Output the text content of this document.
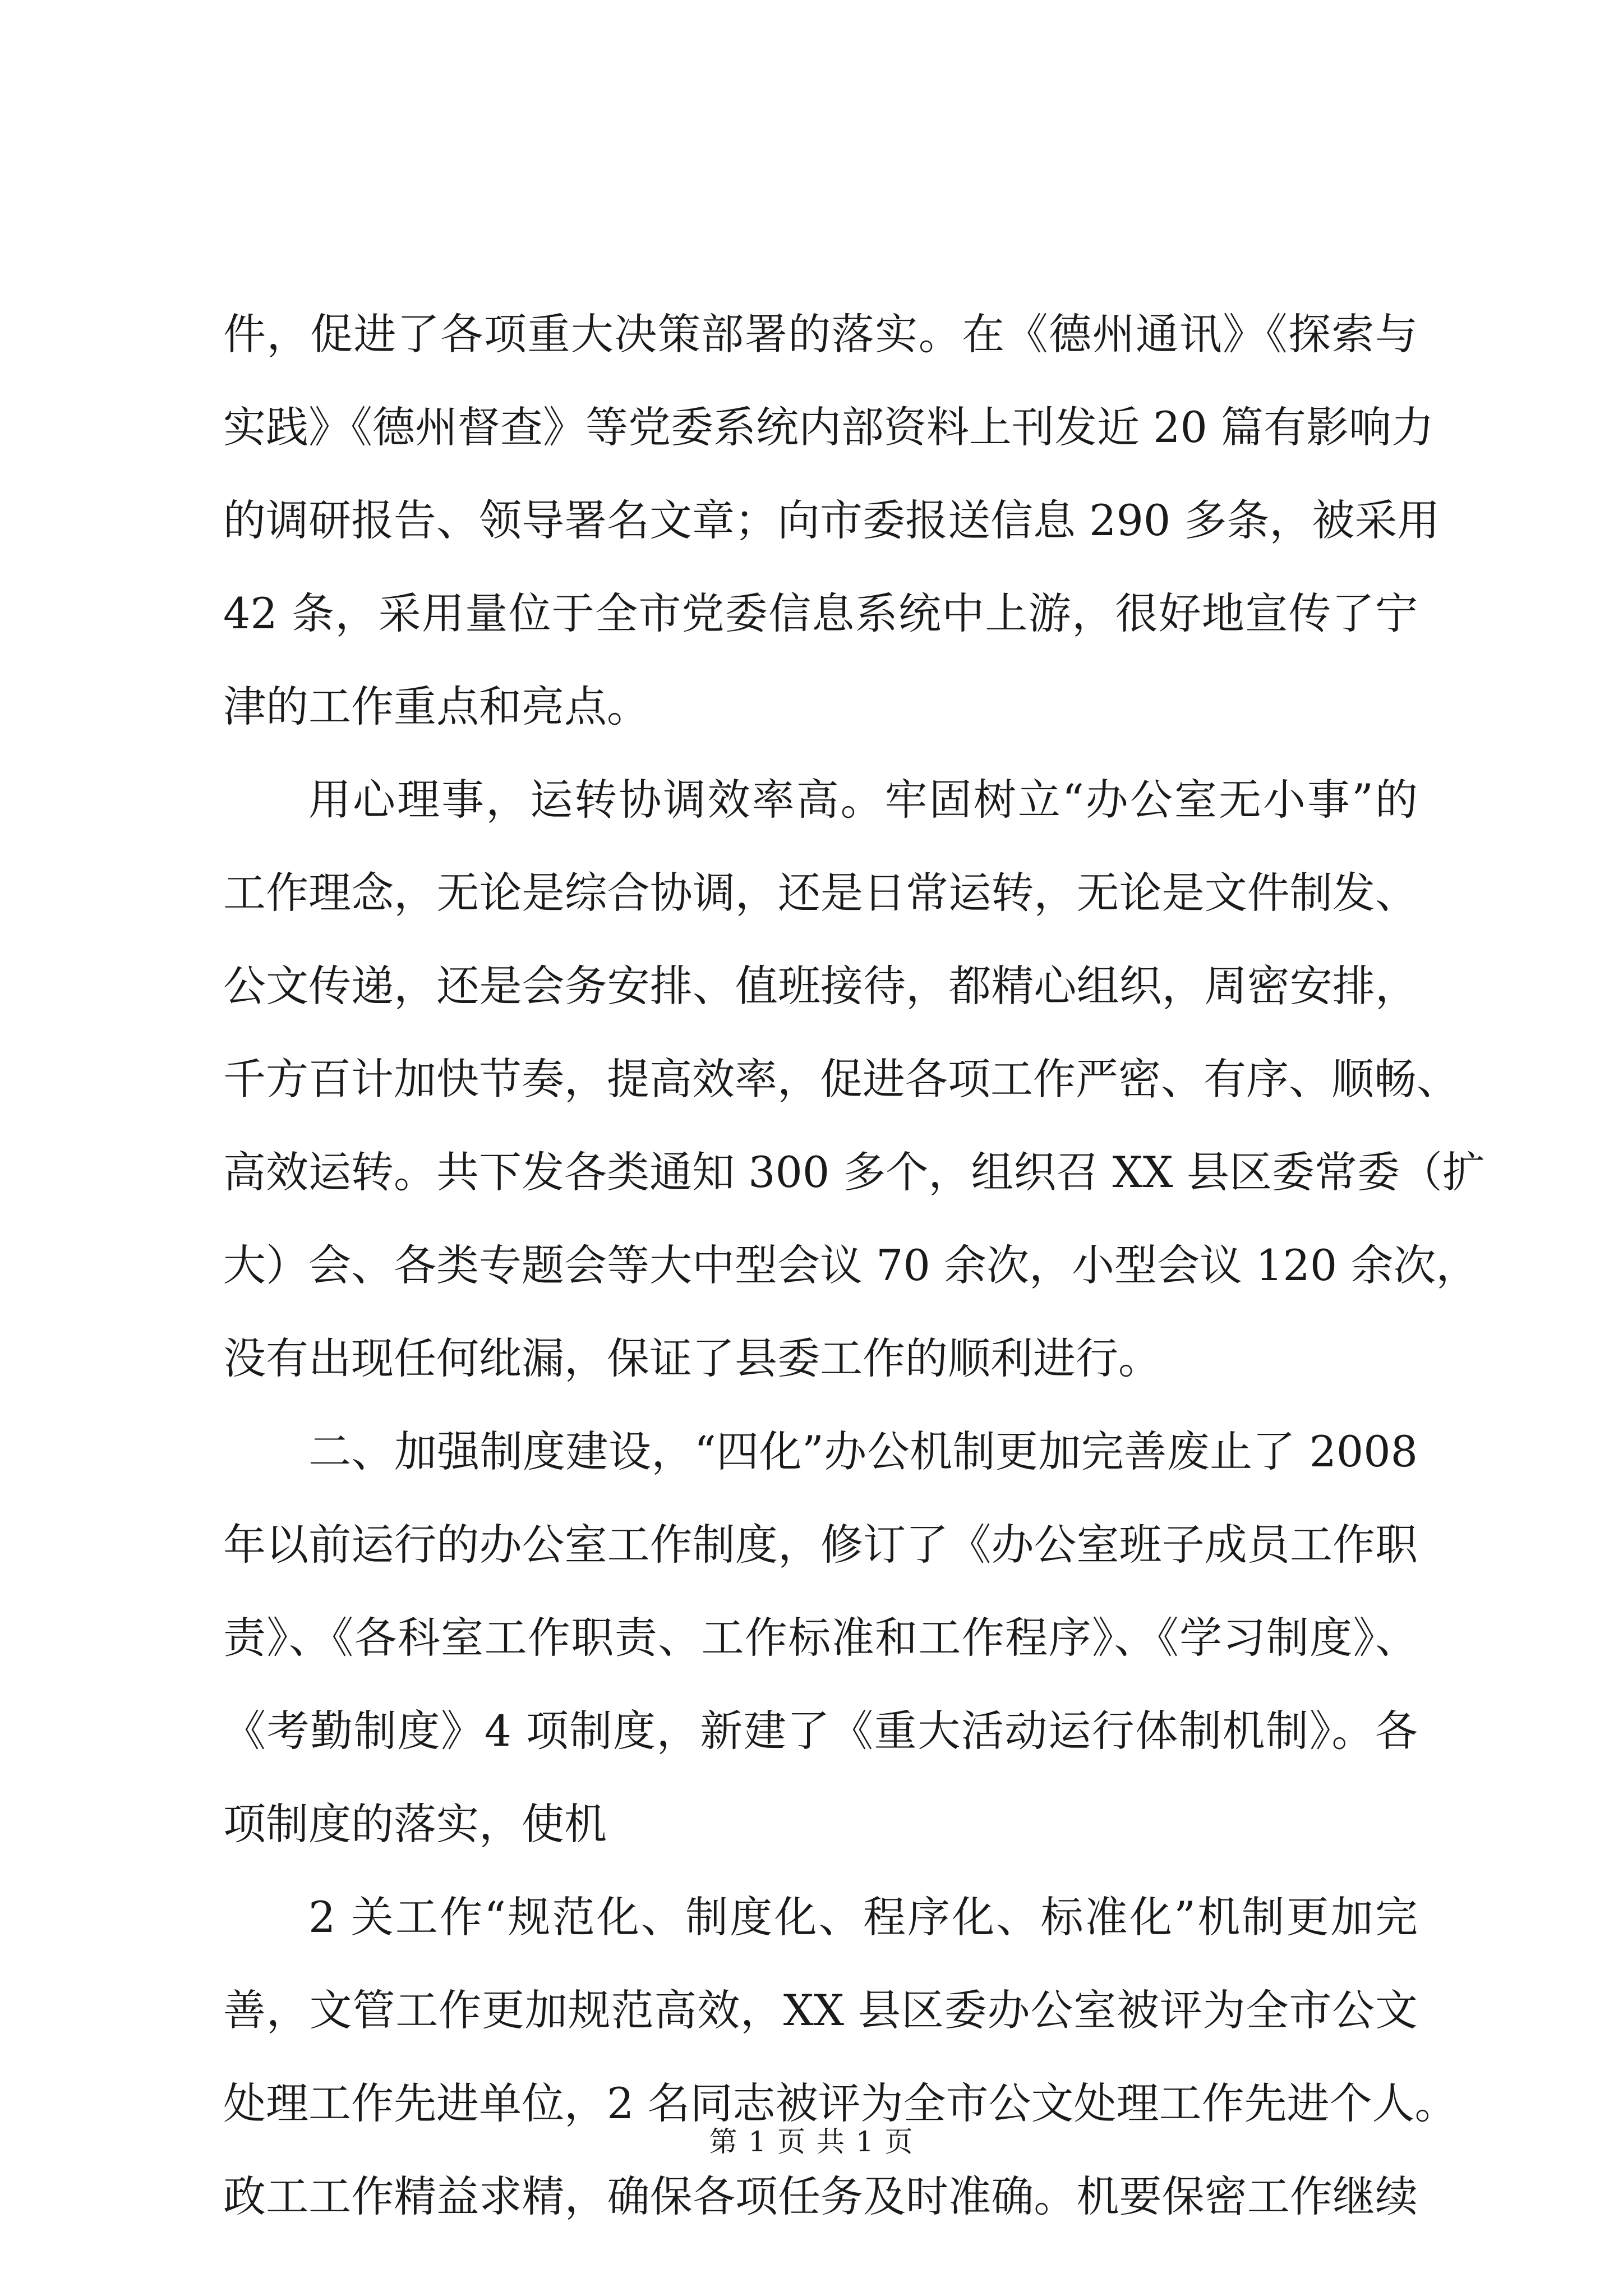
件，促进了各项重大决策部署的落实。在《德州通讯》《探索与
实践》《德州督查》等党委系统内部资料上刊发近 20 篇有影响力
的调研报告、领导署名文章；向市委报送信息 290 多条，被采用
42 条，采用量位于全市党委信息系统中上游，很好地宣传了宁
津的工作重点和亮点。
用心理事，运转协调效率高。牢固树立“办公室无小事”的
工作理念，无论是综合协调，还是日常运转，无论是文件制发、
公文传递，还是会务安排、值班接待，都精心组织，周密安排，
千方百计加快节奏，提高效率，促进各项工作严密、有序、顺畅、
高效运转。共下发各类通知 300 多个，组织召 XX 县区委常委（扩
大）会、各类专题会等大中型会议 70 余次，小型会议 120 余次，
没有出现任何纰漏，保证了县委工作的顺利进行。
二、加强制度建设，“四化”办公机制更加完善废止了 2008
年以前运行的办公室工作制度，修订了《办公室班子成员工作职
责》、《各科室工作职责、工作标准和工作程序》、《学习制度》、
《考勤制度》4 项制度，新建了《重大活动运行体制机制》。各
项制度的落实，使机
2 关工作“规范化、制度化、程序化、标准化”机制更加完
善，文管工作更加规范高效，XX 县区委办公室被评为全市公文
处理工作先进单位，2 名同志被评为全市公文处理工作先进个人。
政工工作精益求精，确保各项任务及时准确。机要保密工作继续
第 1 页 共 1 页
